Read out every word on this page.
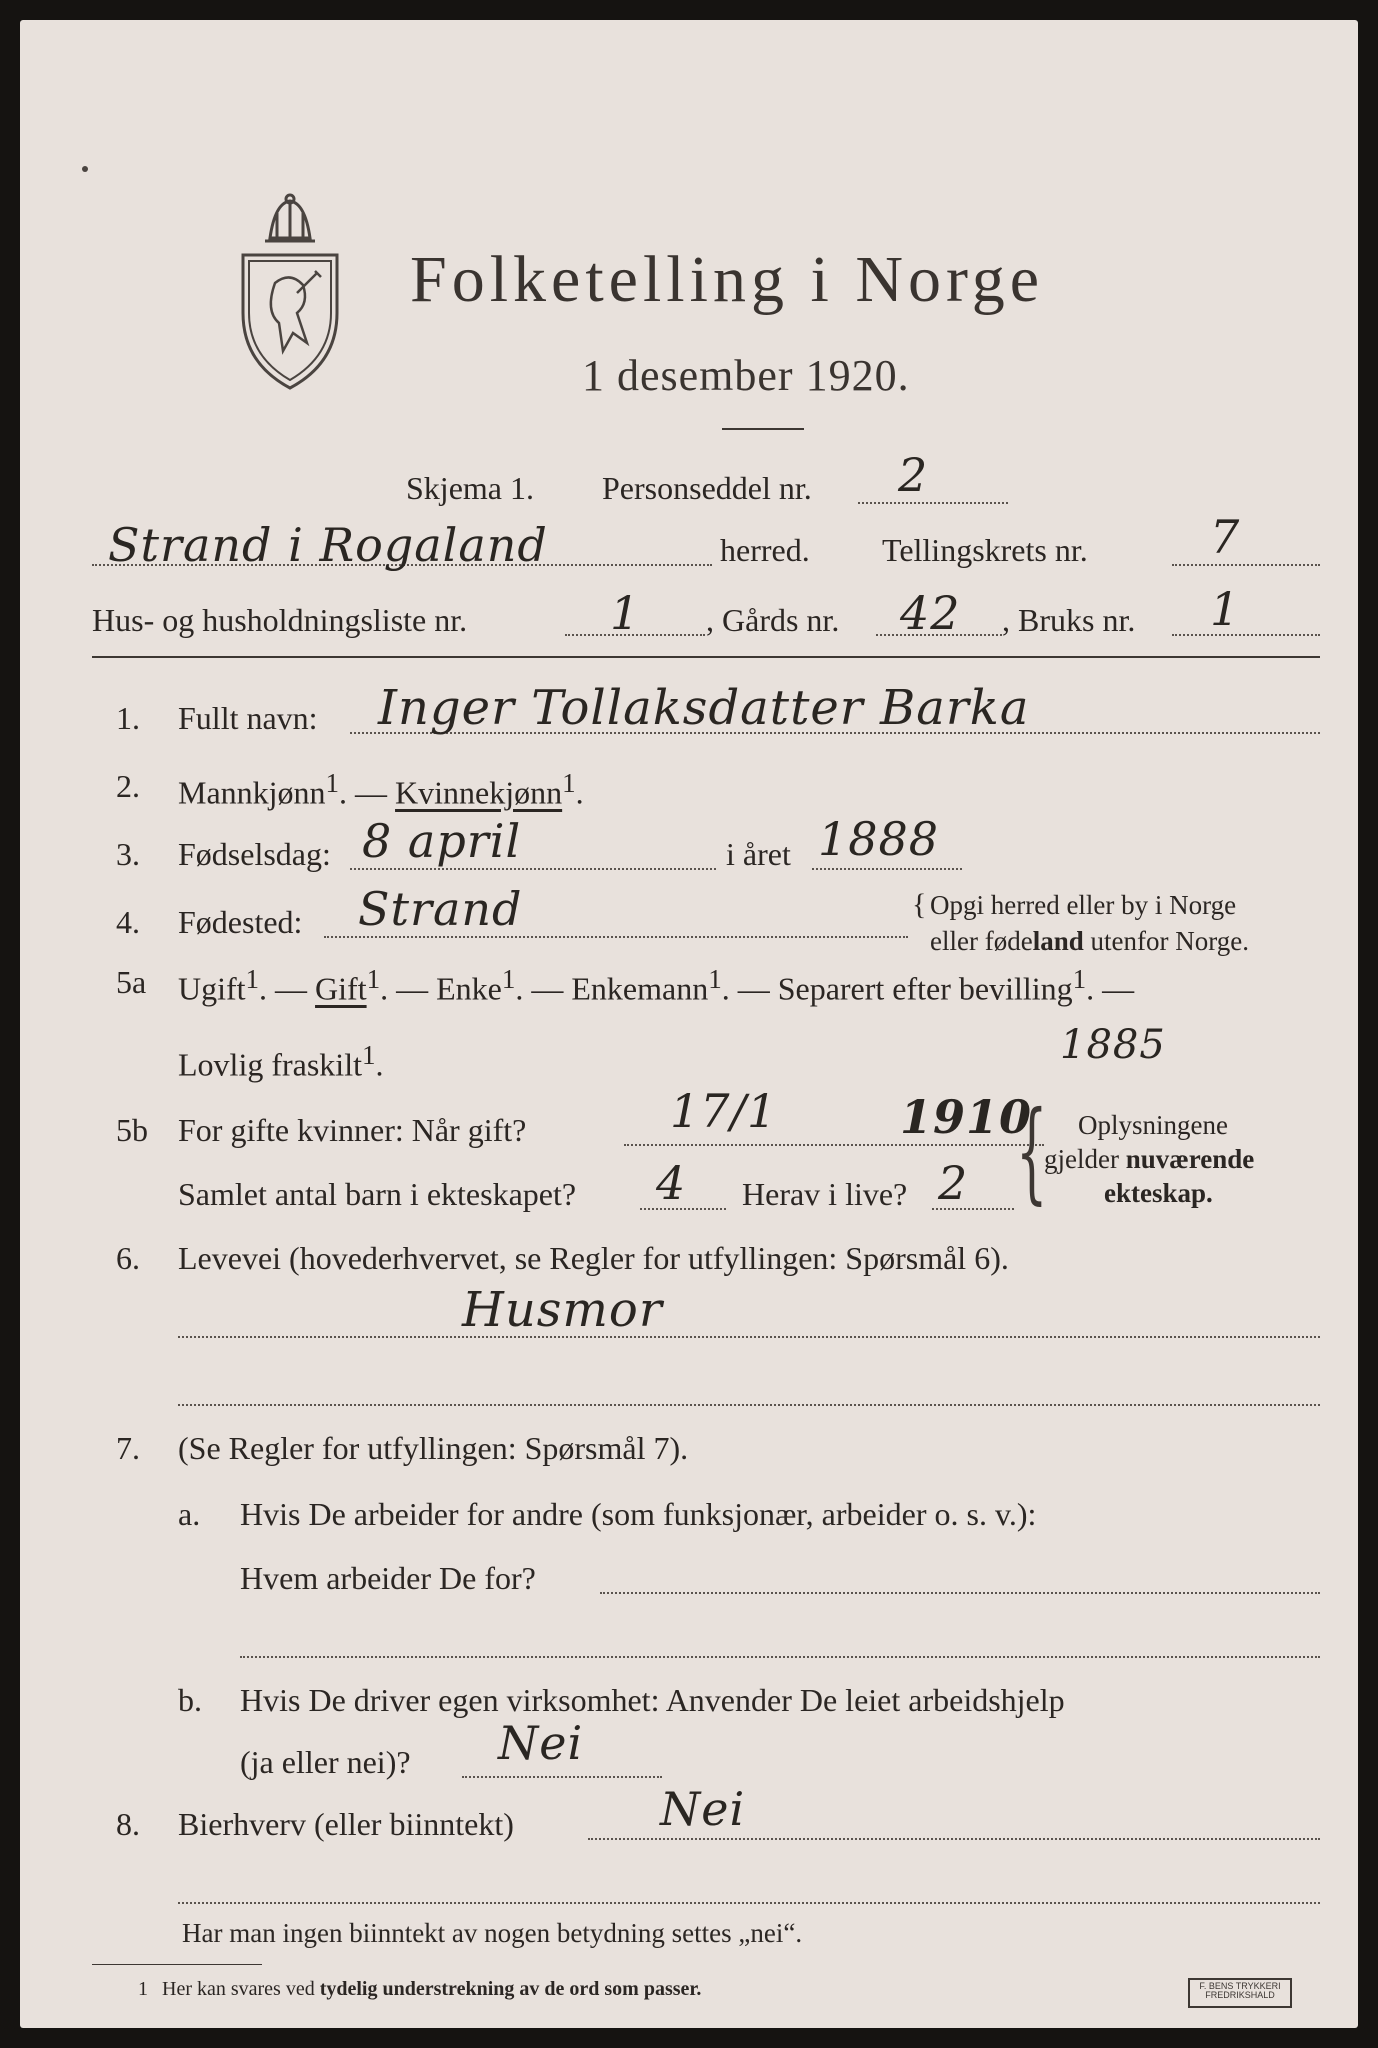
Folketelling i Norge
1 desember 1920.
Skjema 1. Personseddel nr. 2
Strand i Rogaland	herred. Tellingskrets nr.	7
Hus- og husholdningsliste nr.	1 , Gårds nr. 42 , Bruks nr. 1
1. Fullt navn: Inger Tollaksdatter Barka
2. Mannkjønn$^1$. — Kvinnekjønn$^1$.
3. Fødselsdag: 8 april	i året 1888
4. Fødested: Strand	{ Opgi herred eller by i Norge
eller fødeland utenfor Norge.
5a Ugift$^1$. — Gift$^1$. — Enke$^1$. — Enkemann$^1$. — Separert efter bevilling$^1$. —
Lovlig fraskilt$^1$.	1885
5b For gifte kvinner: Når gift?	17/1	1910
Samlet antal barn i ekteskapet? 4 Herav i live? 2 { Oplysningene
gjelder nuværende
ekteskap.
6. Levevei (hovederhvervet, se Regler for utfyllingen: Spørsmål 6).
Husmor
7. (Se Regler for utfyllingen: Spørsmål 7).
a. Hvis De arbeider for andre (som funksjonær, arbeider o. s. v.):
Hvem arbeider De for?
b. Hvis De driver egen virksomhet: Anvender De leiet arbeidshjelp
(ja eller nei)? Nei
8. Bierhverv (eller biinntekt)	Nei
Har man ingen biinntekt av nogen betydning settes „nei“.
1 Her kan svares ved tydelig understrekning av de ord som passer.	F. BENS TRYKKERI
FREDRIKSHALD
